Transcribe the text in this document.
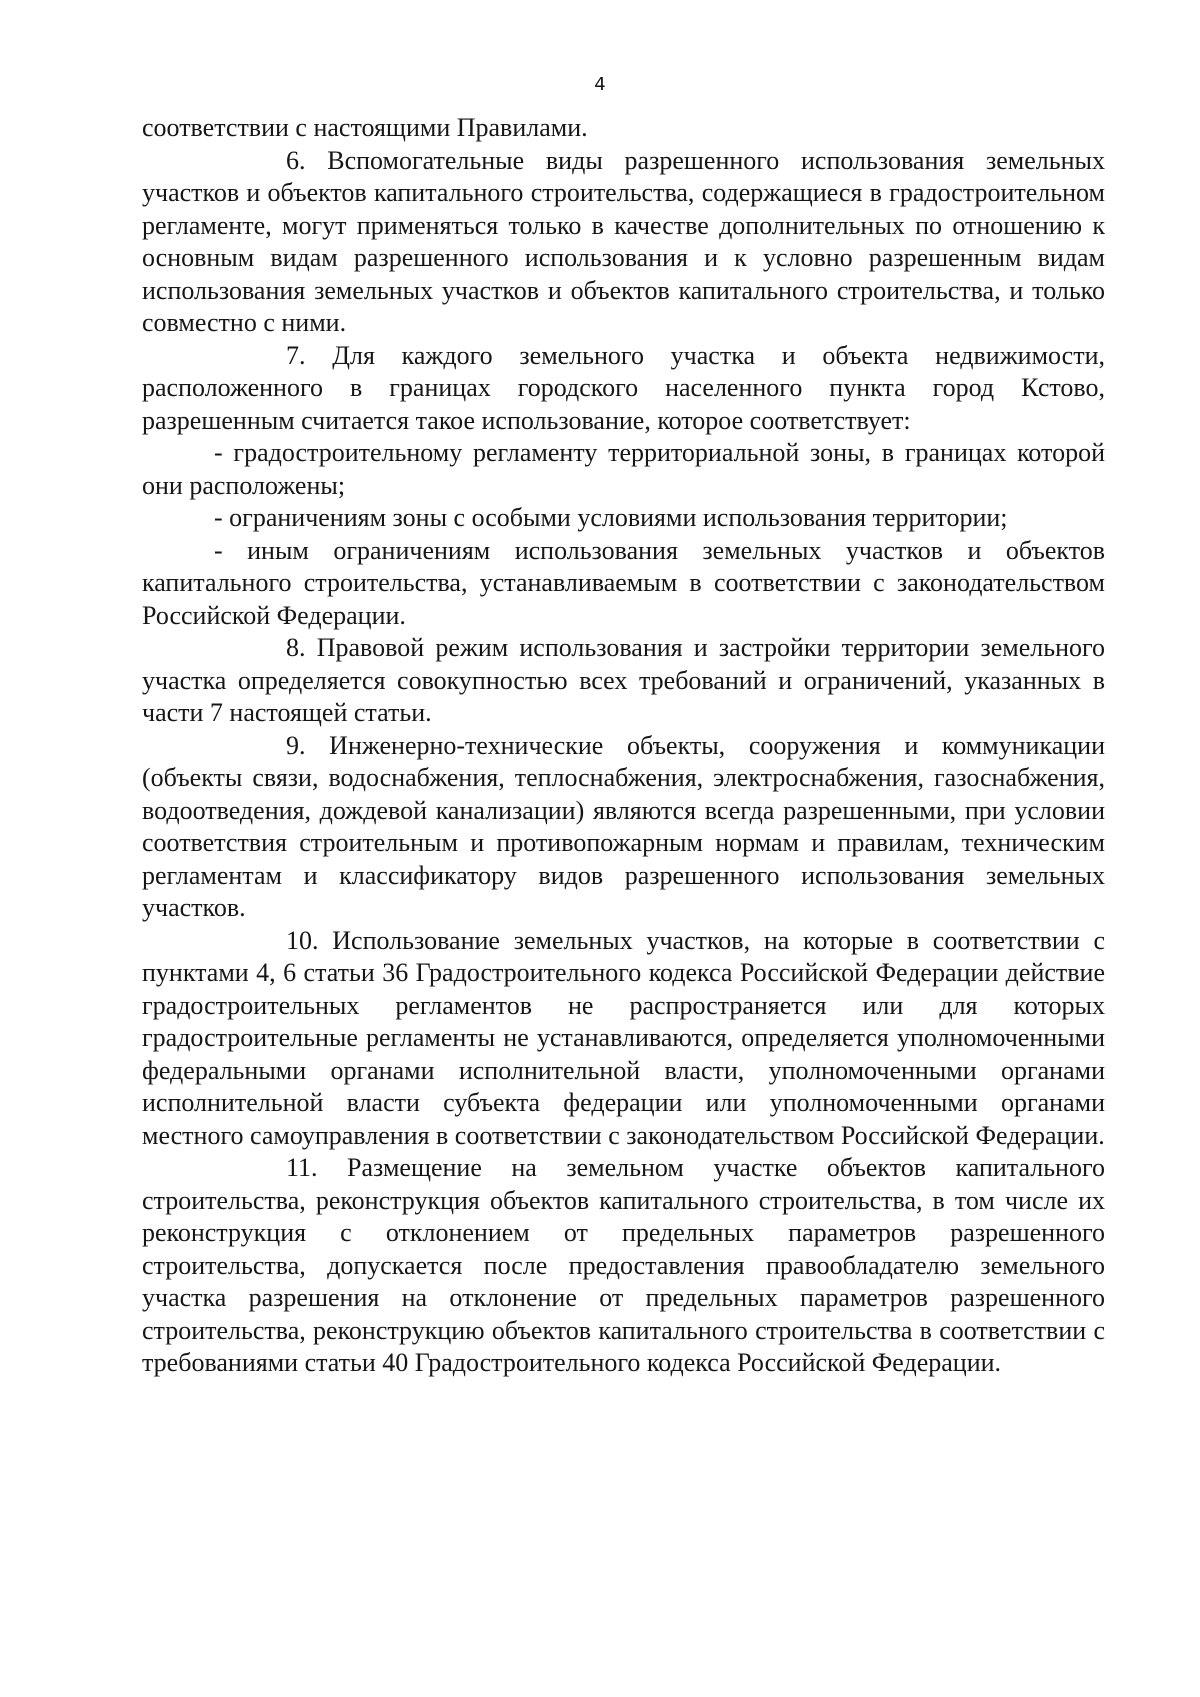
4

соответствии с настоящими Правилами.

6. Вспомогательные виды разрешенного использования земельных участков и объектов капитального строительства, содержащиеся в градостроительном регламенте, могут применяться только в качестве дополнительных по отношению к основным видам разрешенного использования и к условно разрешенным видам использования земельных участков и объектов капитального строительства, и только совместно с ними.

7. Для каждого земельного участка и объекта недвижимости, расположенного в границах городского населенного пункта город Кстово, разрешенным считается такое использование, которое соответствует:

- градостроительному регламенту территориальной зоны, в границах которой они расположены;

- ограничениям зоны с особыми условиями использования территории;

- иным ограничениям использования земельных участков и объектов капитального строительства, устанавливаемым в соответствии с законодательством Российской Федерации.

8. Правовой режим использования и застройки территории земельного участка определяется совокупностью всех требований и ограничений, указанных в части 7 настоящей статьи.

9. Инженерно-технические объекты, сооружения и коммуникации (объекты связи, водоснабжения, теплоснабжения, электроснабжения, газоснабжения, водоотведения, дождевой канализации) являются всегда разрешенными, при условии соответствия строительным и противопожарным нормам и правилам, техническим регламентам и классификатору видов разрешенного использования земельных участков.

10. Использование земельных участков, на которые в соответствии с пунктами 4, 6 статьи 36 Градостроительного кодекса Российской Федерации действие градостроительных регламентов не распространяется или для которых градостроительные регламенты не устанавливаются, определяется уполномоченными федеральными органами исполнительной власти, уполномоченными органами исполнительной власти субъекта федерации или уполномоченными органами местного самоуправления в соответствии с законодательством Российской Федерации.

11. Размещение на земельном участке объектов капитального строительства, реконструкция объектов капитального строительства, в том числе их реконструкция с отклонением от предельных параметров разрешенного строительства, допускается после предоставления правообладателю земельного участка разрешения на отклонение от предельных параметров разрешенного строительства, реконструкцию объектов капитального строительства в соответствии с требованиями статьи 40 Градостроительного кодекса Российской Федерации.
